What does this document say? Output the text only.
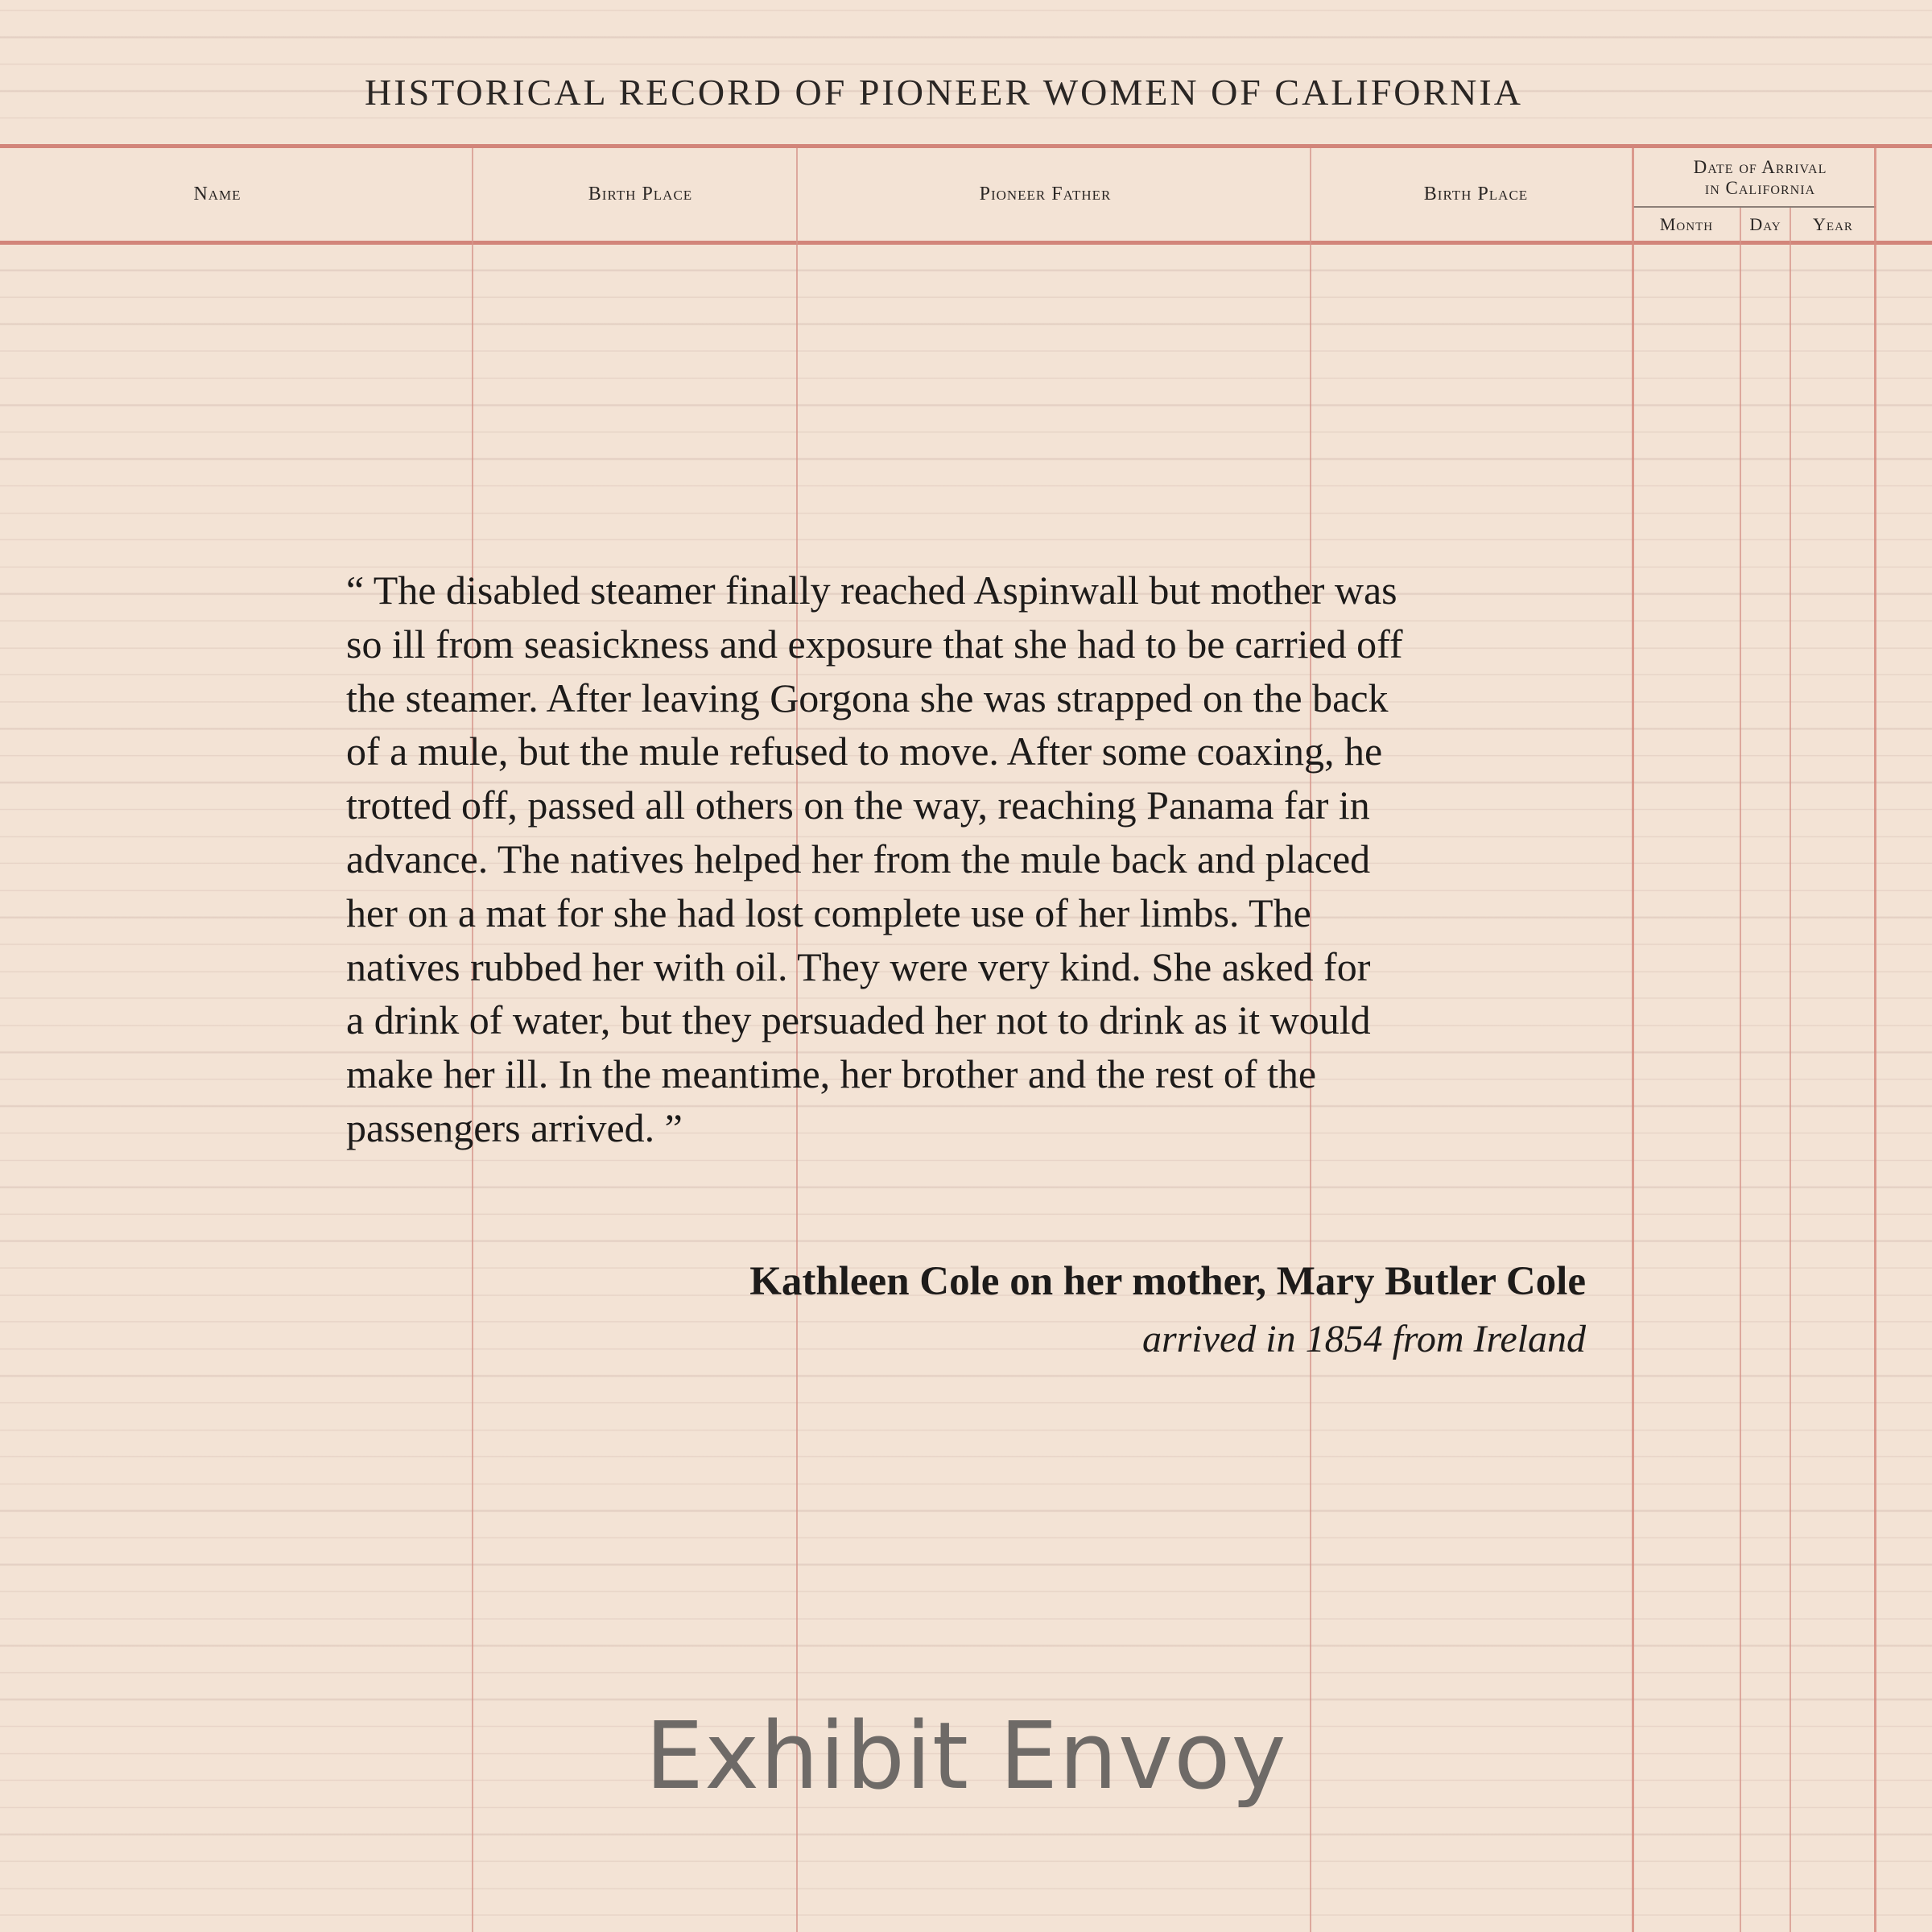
HISTORICAL RECORD OF PIONEER WOMEN OF CALIFORNIA
Name	Birth Place	Pioneer Father	Birth Place
Date of Arrival
in California
Month	Day	Year
“ The disabled steamer finally reached Aspinwall but mother was
so ill from seasickness and exposure that she had to be carried off
the steamer. After leaving Gorgona she was strapped on the back
of a mule, but the mule refused to move. After some coaxing, he
trotted off, passed all others on the way, reaching Panama far in
advance. The natives helped her from the mule back and placed
her on a mat for she had lost complete use of her limbs. The
natives rubbed her with oil. They were very kind. She asked for
a drink of water, but they persuaded her not to drink as it would
make her ill. In the meantime, her brother and the rest of the
passengers arrived. ”
Kathleen Cole on her mother, Mary Butler Cole
arrived in 1854 from Ireland
Exhibit Envoy
